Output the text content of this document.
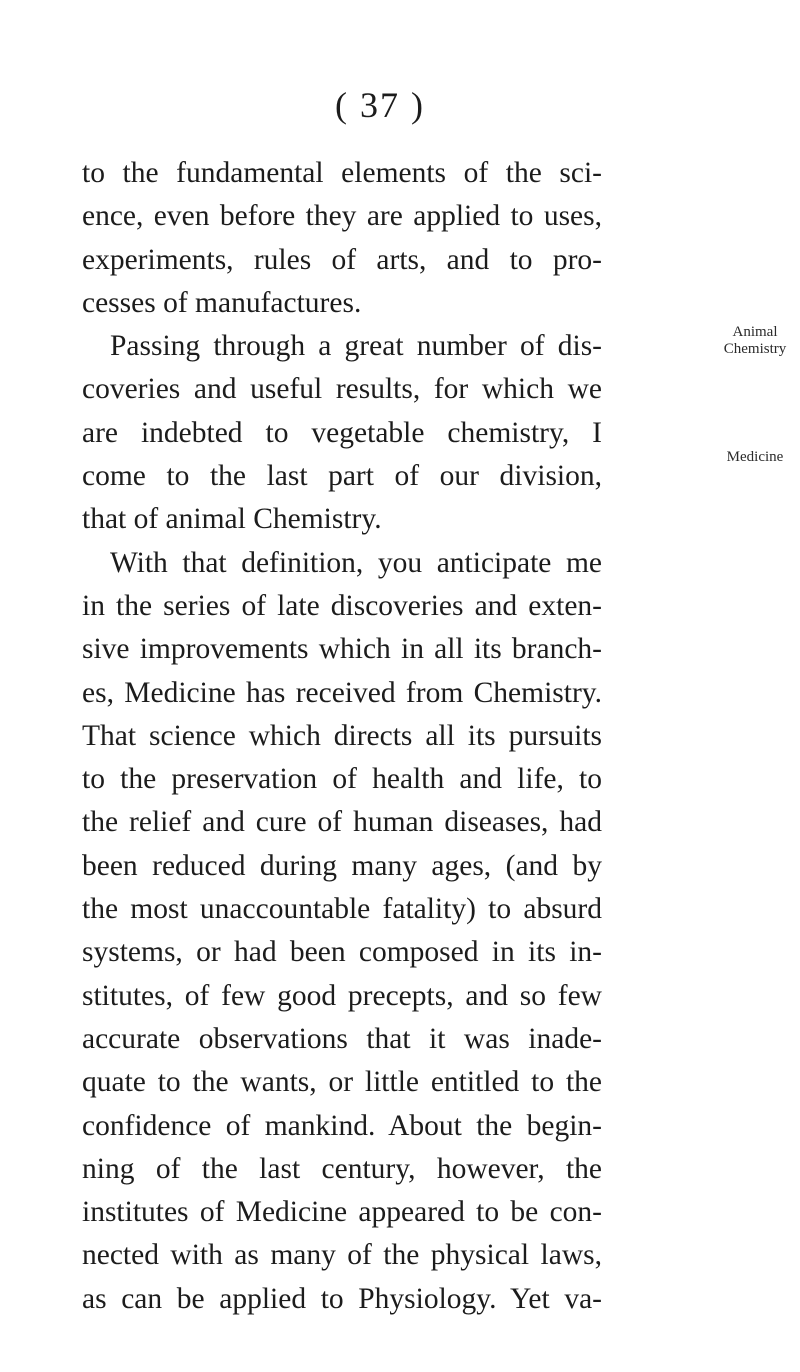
( 37 )
to the fundamental elements of the sci-
ence, even before they are applied to uses,
experiments, rules of arts, and to pro-
cesses of manufactures.
Passing through a great number of dis-
coveries and useful results, for which we
are indebted to vegetable chemistry, I
come to the last part of our division,
that of animal Chemistry.
With that definition, you anticipate me
in the series of late discoveries and exten-
sive improvements which in all its branch-
es, Medicine has received from Chemistry.
That science which directs all its pursuits
to the preservation of health and life, to
the relief and cure of human diseases, had
been reduced during many ages, (and by
the most unaccountable fatality) to absurd
systems, or had been composed in its in-
stitutes, of few good precepts, and so few
accurate observations that it was inade-
quate to the wants, or little entitled to the
confidence of mankind. About the begin-
ning of the last century, however, the
institutes of Medicine appeared to be con-
nected with as many of the physical laws,
as can be applied to Physiology. Yet va-
Animal
Chemistry
Medicine
